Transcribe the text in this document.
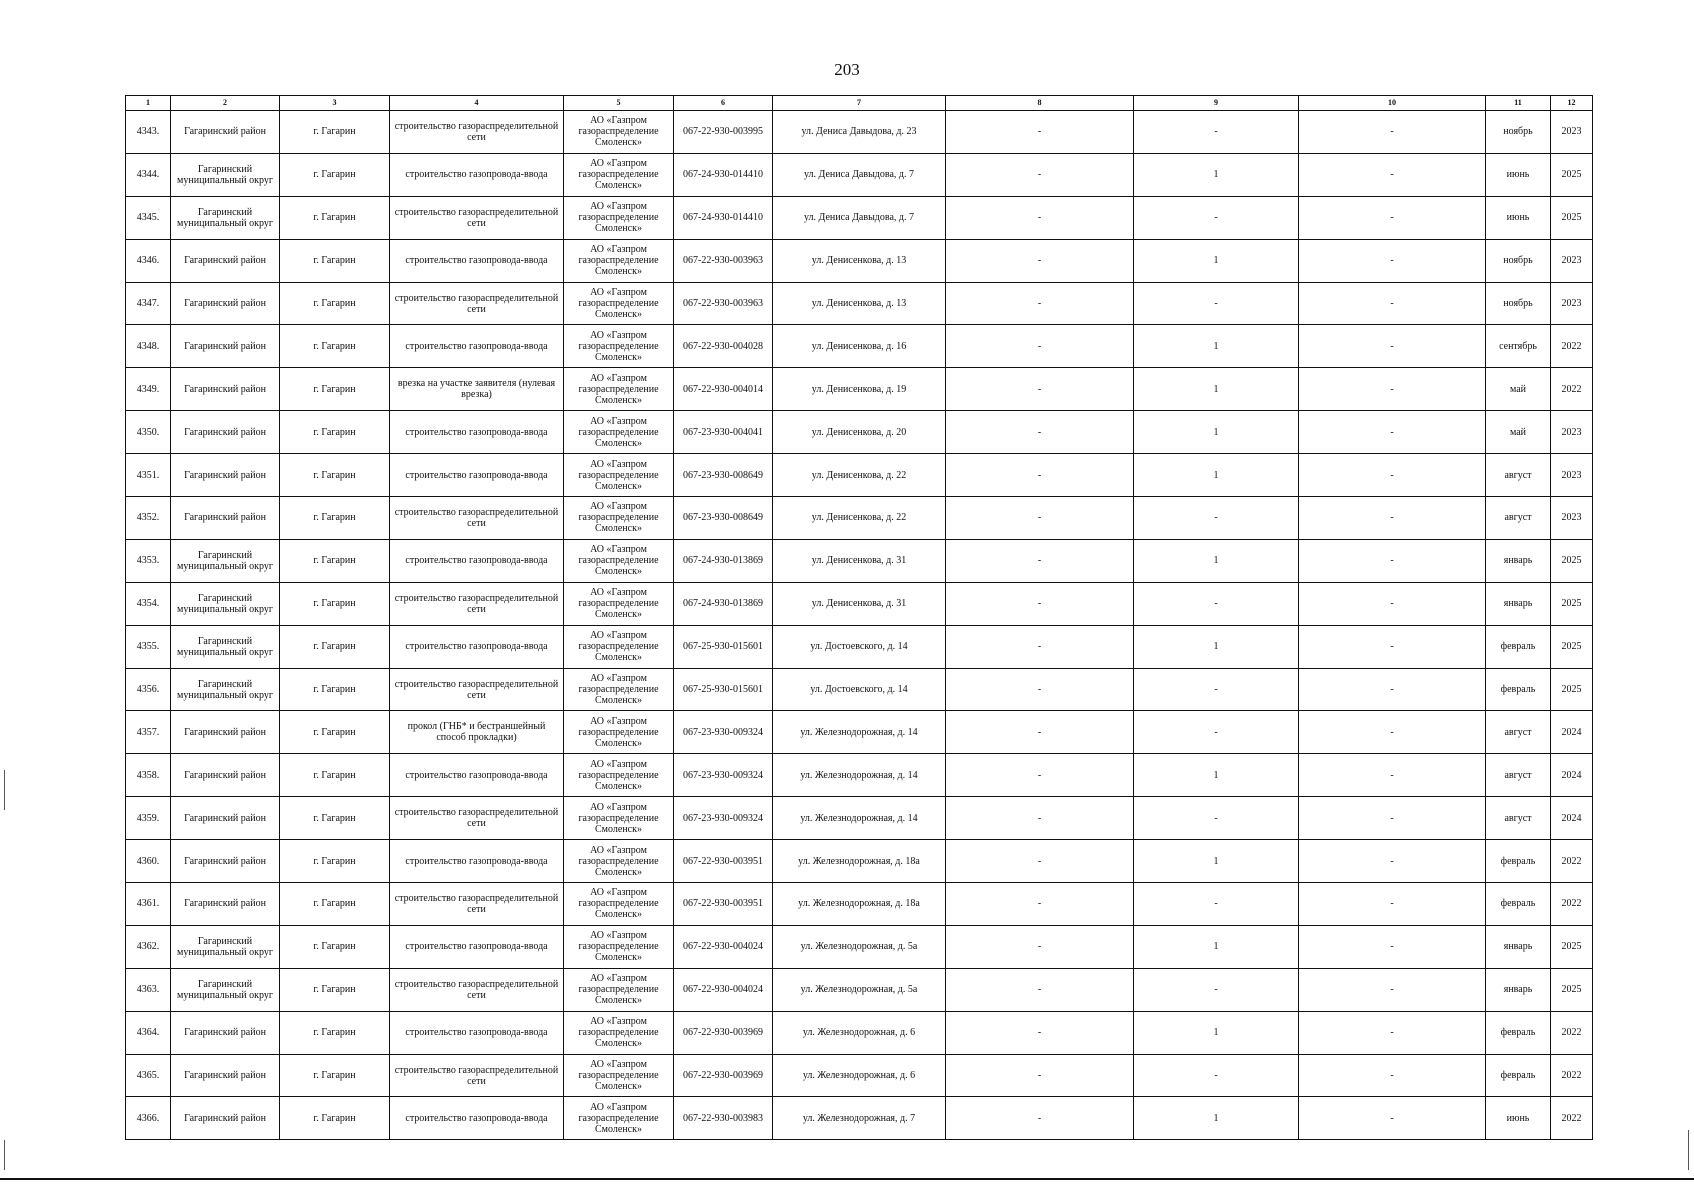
203
1	2	3	4	5	6	7	8	9	10	11	12
4343.	Гагаринский район	г. Гагарин	строительство газораспределительной сети	АО «Газпром газораспределение Смоленск»	067-22-930-003995	ул. Дениса Давыдова, д. 23	-	-	-	ноябрь	2023
4344.	Гагаринский муниципальный округ	г. Гагарин	строительство газопровода-ввода	АО «Газпром газораспределение Смоленск»	067-24-930-014410	ул. Дениса Давыдова, д. 7	-	1	-	июнь	2025
4345.	Гагаринский муниципальный округ	г. Гагарин	строительство газораспределительной сети	АО «Газпром газораспределение Смоленск»	067-24-930-014410	ул. Дениса Давыдова, д. 7	-	-	-	июнь	2025
4346.	Гагаринский район	г. Гагарин	строительство газопровода-ввода	АО «Газпром газораспределение Смоленск»	067-22-930-003963	ул. Денисенкова, д. 13	-	1	-	ноябрь	2023
4347.	Гагаринский район	г. Гагарин	строительство газораспределительной сети	АО «Газпром газораспределение Смоленск»	067-22-930-003963	ул. Денисенкова, д. 13	-	-	-	ноябрь	2023
4348.	Гагаринский район	г. Гагарин	строительство газопровода-ввода	АО «Газпром газораспределение Смоленск»	067-22-930-004028	ул. Денисенкова, д. 16	-	1	-	сентябрь	2022
4349.	Гагаринский район	г. Гагарин	врезка на участке заявителя (нулевая врезка)	АО «Газпром газораспределение Смоленск»	067-22-930-004014	ул. Денисенкова, д. 19	-	1	-	май	2022
4350.	Гагаринский район	г. Гагарин	строительство газопровода-ввода	АО «Газпром газораспределение Смоленск»	067-23-930-004041	ул. Денисенкова, д. 20	-	1	-	май	2023
4351.	Гагаринский район	г. Гагарин	строительство газопровода-ввода	АО «Газпром газораспределение Смоленск»	067-23-930-008649	ул. Денисенкова, д. 22	-	1	-	август	2023
4352.	Гагаринский район	г. Гагарин	строительство газораспределительной сети	АО «Газпром газораспределение Смоленск»	067-23-930-008649	ул. Денисенкова, д. 22	-	-	-	август	2023
4353.	Гагаринский муниципальный округ	г. Гагарин	строительство газопровода-ввода	АО «Газпром газораспределение Смоленск»	067-24-930-013869	ул. Денисенкова, д. 31	-	1	-	январь	2025
4354.	Гагаринский муниципальный округ	г. Гагарин	строительство газораспределительной сети	АО «Газпром газораспределение Смоленск»	067-24-930-013869	ул. Денисенкова, д. 31	-	-	-	январь	2025
4355.	Гагаринский муниципальный округ	г. Гагарин	строительство газопровода-ввода	АО «Газпром газораспределение Смоленск»	067-25-930-015601	ул. Достоевского, д. 14	-	1	-	февраль	2025
4356.	Гагаринский муниципальный округ	г. Гагарин	строительство газораспределительной сети	АО «Газпром газораспределение Смоленск»	067-25-930-015601	ул. Достоевского, д. 14	-	-	-	февраль	2025
4357.	Гагаринский район	г. Гагарин	прокол (ГНБ* и бестраншейный способ прокладки)	АО «Газпром газораспределение Смоленск»	067-23-930-009324	ул. Железнодорожная, д. 14	-	-	-	август	2024
4358.	Гагаринский район	г. Гагарин	строительство газопровода-ввода	АО «Газпром газораспределение Смоленск»	067-23-930-009324	ул. Железнодорожная, д. 14	-	1	-	август	2024
4359.	Гагаринский район	г. Гагарин	строительство газораспределительной сети	АО «Газпром газораспределение Смоленск»	067-23-930-009324	ул. Железнодорожная, д. 14	-	-	-	август	2024
4360.	Гагаринский район	г. Гагарин	строительство газопровода-ввода	АО «Газпром газораспределение Смоленск»	067-22-930-003951	ул. Железнодорожная, д. 18а	-	1	-	февраль	2022
4361.	Гагаринский район	г. Гагарин	строительство газораспределительной сети	АО «Газпром газораспределение Смоленск»	067-22-930-003951	ул. Железнодорожная, д. 18а	-	-	-	февраль	2022
4362.	Гагаринский муниципальный округ	г. Гагарин	строительство газопровода-ввода	АО «Газпром газораспределение Смоленск»	067-22-930-004024	ул. Железнодорожная, д. 5а	-	1	-	январь	2025
4363.	Гагаринский муниципальный округ	г. Гагарин	строительство газораспределительной сети	АО «Газпром газораспределение Смоленск»	067-22-930-004024	ул. Железнодорожная, д. 5а	-	-	-	январь	2025
4364.	Гагаринский район	г. Гагарин	строительство газопровода-ввода	АО «Газпром газораспределение Смоленск»	067-22-930-003969	ул. Железнодорожная, д. 6	-	1	-	февраль	2022
4365.	Гагаринский район	г. Гагарин	строительство газораспределительной сети	АО «Газпром газораспределение Смоленск»	067-22-930-003969	ул. Железнодорожная, д. 6	-	-	-	февраль	2022
4366.	Гагаринский район	г. Гагарин	строительство газопровода-ввода	АО «Газпром газораспределение Смоленск»	067-22-930-003983	ул. Железнодорожная, д. 7	-	1	-	июнь	2022
